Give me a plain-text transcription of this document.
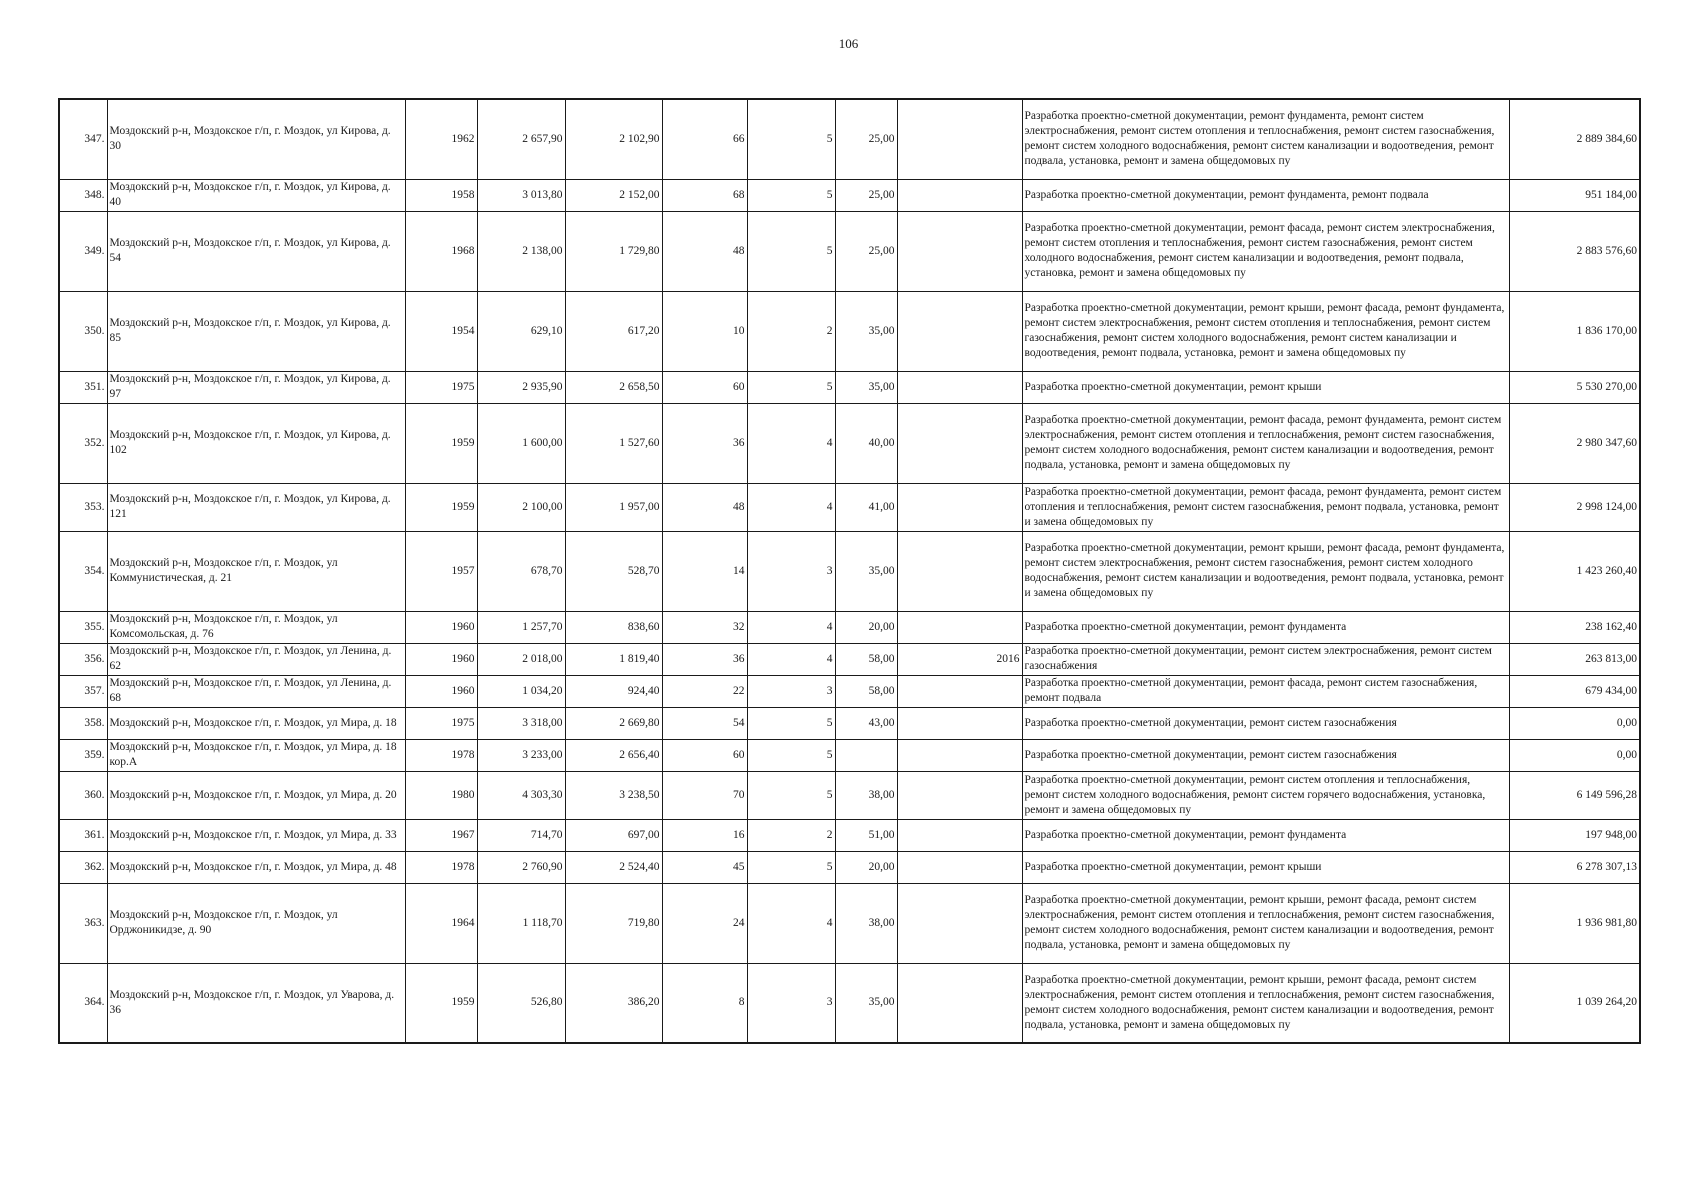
106
347.	Моздокский р-н, Моздокское г/п, г. Моздок, ул Кирова, д. 30	1962	2 657,90	2 102,90	66	5	25,00		Разработка проектно-сметной документации, ремонт фундамента, ремонт систем электроснабжения, ремонт систем отопления и теплоснабжения, ремонт систем газоснабжения, ремонт систем холодного водоснабжения, ремонт систем канализации и водоотведения, ремонт подвала, установка, ремонт и замена общедомовых пу	2 889 384,60
348.	Моздокский р-н, Моздокское г/п, г. Моздок, ул Кирова, д. 40	1958	3 013,80	2 152,00	68	5	25,00		Разработка проектно-сметной документации, ремонт фундамента, ремонт подвала	951 184,00
349.	Моздокский р-н, Моздокское г/п, г. Моздок, ул Кирова, д. 54	1968	2 138,00	1 729,80	48	5	25,00		Разработка проектно-сметной документации, ремонт фасада, ремонт систем электроснабжения, ремонт систем отопления и теплоснабжения, ремонт систем газоснабжения, ремонт систем холодного водоснабжения, ремонт систем канализации и водоотведения, ремонт подвала, установка, ремонт и замена общедомовых пу	2 883 576,60
350.	Моздокский р-н, Моздокское г/п, г. Моздок, ул Кирова, д. 85	1954	629,10	617,20	10	2	35,00		Разработка проектно-сметной документации, ремонт крыши, ремонт фасада, ремонт фундамента, ремонт систем электроснабжения, ремонт систем отопления и теплоснабжения, ремонт систем газоснабжения, ремонт систем холодного водоснабжения, ремонт систем канализации и водоотведения, ремонт подвала, установка, ремонт и замена общедомовых пу	1 836 170,00
351.	Моздокский р-н, Моздокское г/п, г. Моздок, ул Кирова, д. 97	1975	2 935,90	2 658,50	60	5	35,00		Разработка проектно-сметной документации, ремонт крыши	5 530 270,00
352.	Моздокский р-н, Моздокское г/п, г. Моздок, ул Кирова, д. 102	1959	1 600,00	1 527,60	36	4	40,00		Разработка проектно-сметной документации, ремонт фасада, ремонт фундамента, ремонт систем электроснабжения, ремонт систем отопления и теплоснабжения, ремонт систем газоснабжения, ремонт систем холодного водоснабжения, ремонт систем канализации и водоотведения, ремонт подвала, установка, ремонт и замена общедомовых пу	2 980 347,60
353.	Моздокский р-н, Моздокское г/п, г. Моздок, ул Кирова, д. 121	1959	2 100,00	1 957,00	48	4	41,00		Разработка проектно-сметной документации, ремонт фасада, ремонт фундамента, ремонт систем отопления и теплоснабжения, ремонт систем газоснабжения, ремонт подвала, установка, ремонт и замена общедомовых пу	2 998 124,00
354.	Моздокский р-н, Моздокское г/п, г. Моздок, ул Коммунистическая, д. 21	1957	678,70	528,70	14	3	35,00		Разработка проектно-сметной документации, ремонт крыши, ремонт фасада, ремонт фундамента, ремонт систем электроснабжения, ремонт систем газоснабжения, ремонт систем холодного водоснабжения, ремонт систем канализации и водоотведения, ремонт подвала, установка, ремонт и замена общедомовых пу	1 423 260,40
355.	Моздокский р-н, Моздокское г/п, г. Моздок, ул Комсомольская, д. 76	1960	1 257,70	838,60	32	4	20,00		Разработка проектно-сметной документации, ремонт фундамента	238 162,40
356.	Моздокский р-н, Моздокское г/п, г. Моздок, ул Ленина, д. 62	1960	2 018,00	1 819,40	36	4	58,00	2016	Разработка проектно-сметной документации, ремонт систем электроснабжения, ремонт систем газоснабжения	263 813,00
357.	Моздокский р-н, Моздокское г/п, г. Моздок, ул Ленина, д. 68	1960	1 034,20	924,40	22	3	58,00		Разработка проектно-сметной документации, ремонт фасада, ремонт систем газоснабжения, ремонт подвала	679 434,00
358.	Моздокский р-н, Моздокское г/п, г. Моздок, ул Мира, д. 18	1975	3 318,00	2 669,80	54	5	43,00		Разработка проектно-сметной документации, ремонт систем газоснабжения	0,00
359.	Моздокский р-н, Моздокское г/п, г. Моздок, ул Мира, д. 18 кор.А	1978	3 233,00	2 656,40	60	5			Разработка проектно-сметной документации, ремонт систем газоснабжения	0,00
360.	Моздокский р-н, Моздокское г/п, г. Моздок, ул Мира, д. 20	1980	4 303,30	3 238,50	70	5	38,00		Разработка проектно-сметной документации, ремонт систем отопления и теплоснабжения, ремонт систем холодного водоснабжения, ремонт систем горячего водоснабжения, установка, ремонт и замена общедомовых пу	6 149 596,28
361.	Моздокский р-н, Моздокское г/п, г. Моздок, ул Мира, д. 33	1967	714,70	697,00	16	2	51,00		Разработка проектно-сметной документации, ремонт фундамента	197 948,00
362.	Моздокский р-н, Моздокское г/п, г. Моздок, ул Мира, д. 48	1978	2 760,90	2 524,40	45	5	20,00		Разработка проектно-сметной документации, ремонт крыши	6 278 307,13
363.	Моздокский р-н, Моздокское г/п, г. Моздок, ул Орджоникидзе, д. 90	1964	1 118,70	719,80	24	4	38,00		Разработка проектно-сметной документации, ремонт крыши, ремонт фасада, ремонт систем электроснабжения, ремонт систем отопления и теплоснабжения, ремонт систем газоснабжения, ремонт систем холодного водоснабжения, ремонт систем канализации и водоотведения, ремонт подвала, установка, ремонт и замена общедомовых пу	1 936 981,80
364.	Моздокский р-н, Моздокское г/п, г. Моздок, ул Уварова, д. 36	1959	526,80	386,20	8	3	35,00		Разработка проектно-сметной документации, ремонт крыши, ремонт фасада, ремонт систем электроснабжения, ремонт систем отопления и теплоснабжения, ремонт систем газоснабжения, ремонт систем холодного водоснабжения, ремонт систем канализации и водоотведения, ремонт подвала, установка, ремонт и замена общедомовых пу	1 039 264,20
